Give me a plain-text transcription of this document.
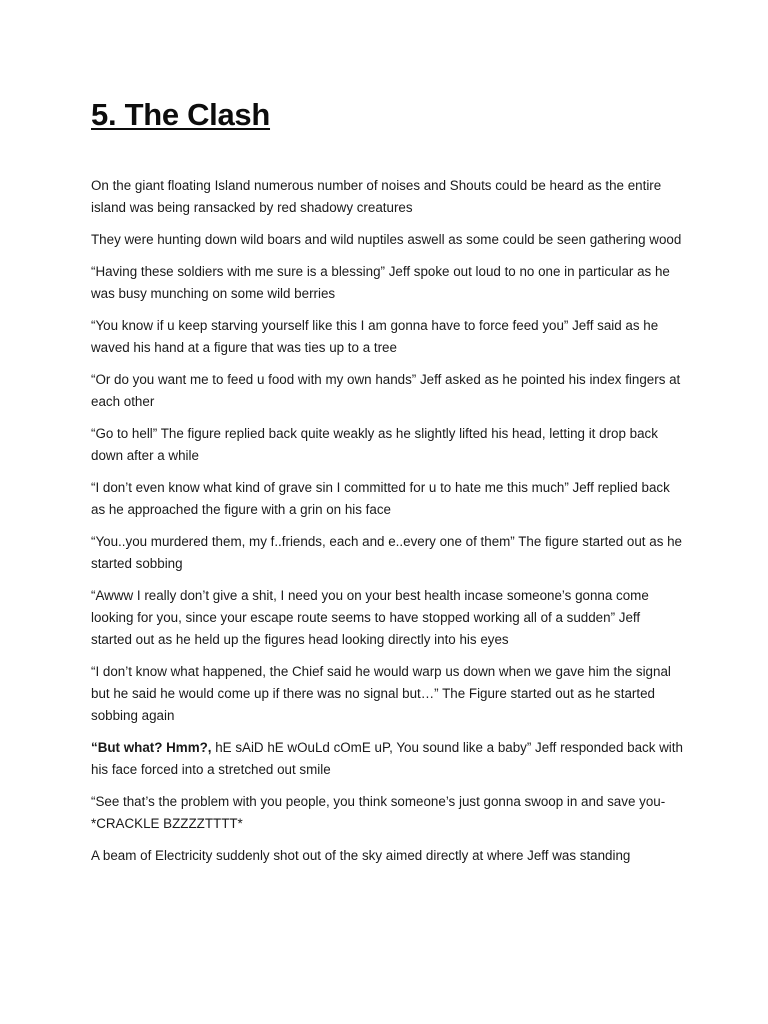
5. The Clash

On the giant floating Island numerous number of noises and Shouts could be heard as the entire island was being ransacked by red shadowy creatures

They were hunting down wild boars and wild nuptiles aswell as some could be seen gathering wood

“Having these soldiers with me sure is a blessing” Jeff spoke out loud to no one in particular as he was busy munching on some wild berries

“You know if u keep starving yourself like this I am gonna have to force feed you” Jeff said as he waved his hand at a figure that was ties up to a tree

“Or do you want me to feed u food with my own hands” Jeff asked as he pointed his index fingers at each other

“Go to hell” The figure replied back quite weakly as he slightly lifted his head, letting it drop back down after a while

“I don’t even know what kind of grave sin I committed for u to hate me this much” Jeff replied back as he approached the figure with a grin on his face

“You..you murdered them, my f..friends, each and e..every one of them” The figure started out as he started sobbing

“Awww I really don’t give a shit, I need you on your best health incase someone’s gonna come looking for you, since your escape route seems to have stopped working all of a sudden” Jeff started out as he held up the figures head looking directly into his eyes

“I don’t know what happened, the Chief said he would warp us down when we gave him the signal but he said he would come up if there was no signal but…” The Figure started out as he started sobbing again

“But what? Hmm?, hE sAiD hE wOuLd cOmE uP, You sound like a baby” Jeff responded back with his face forced into a stretched out smile

“See that’s the problem with you people, you think someone’s just gonna swoop in and save you- *CRACKLE BZZZZTTTT*

A beam of Electricity suddenly shot out of the sky aimed directly at where Jeff was standing
